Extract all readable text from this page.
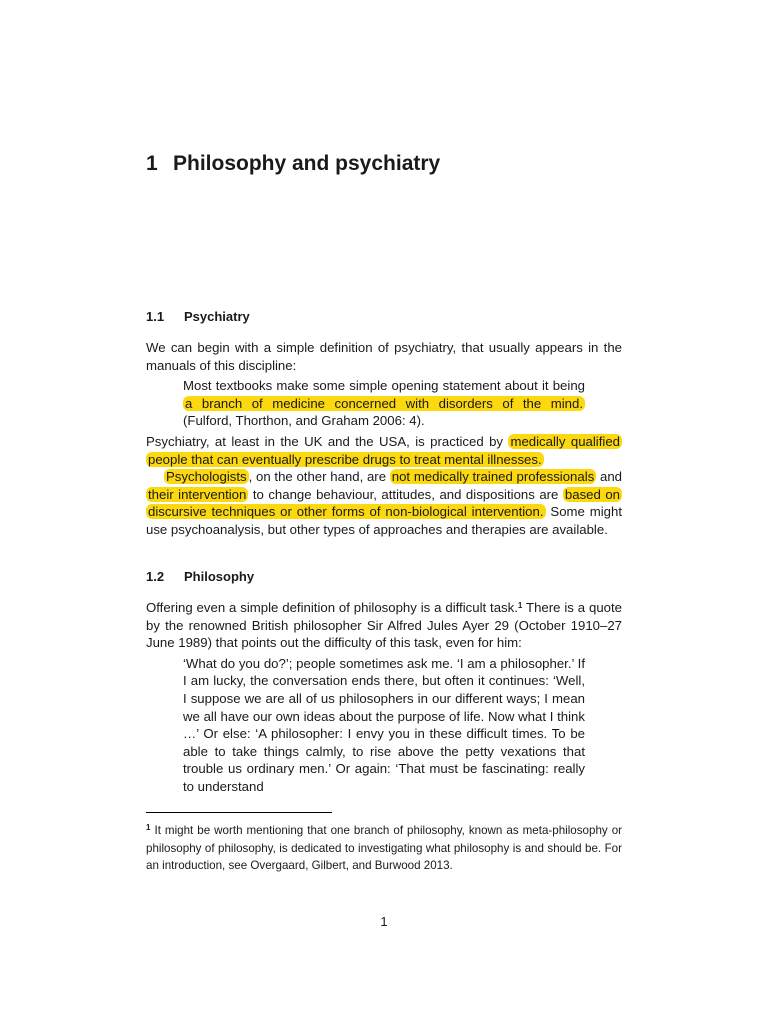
1 Philosophy and psychiatry
1.1 Psychiatry

We can begin with a simple definition of psychiatry, that usually appears in the manuals of this discipline:

Most textbooks make some simple opening statement about it being a branch of medicine concerned with disorders of the mind. (Fulford, Thorthon, and Graham 2006: 4).

Psychiatry, at least in the UK and the USA, is practiced by medically qualified people that can eventually prescribe drugs to treat mental illnesses.

Psychologists , on the other hand, are not medically trained professionals and their intervention to change behaviour, attitudes, and dispositions are based on discursive techniques or other forms of non-biological intervention. Some might use psychoanalysis, but other types of approaches and therapies are available.

1.2 Philosophy

Offering even a simple definition of philosophy is a difficult task.$^1$ There is a quote by the renowned British philosopher Sir Alfred Jules Ayer 29 (October 1910–27 June 1989) that points out the difficulty of this task, even for him:

‘What do you do?’; people sometimes ask me. ‘I am a philosopher.’ If I am lucky, the conversation ends there, but often it continues: ‘Well, I suppose we are all of us philosophers in our different ways; I mean we all have our own ideas about the purpose of life. Now what I think …’ Or else: ‘A philosopher: I envy you in these difficult times. To be able to take things calmly, to rise above the petty vexations that trouble us ordinary men.’ Or again: ‘That must be fascinating: really to understand

$^1$ It might be worth mentioning that one branch of philosophy, known as meta-philosophy or philosophy of philosophy, is dedicated to investigating what philosophy is and should be. For an introduction, see Overgaard, Gilbert, and Burwood 2013.

1
